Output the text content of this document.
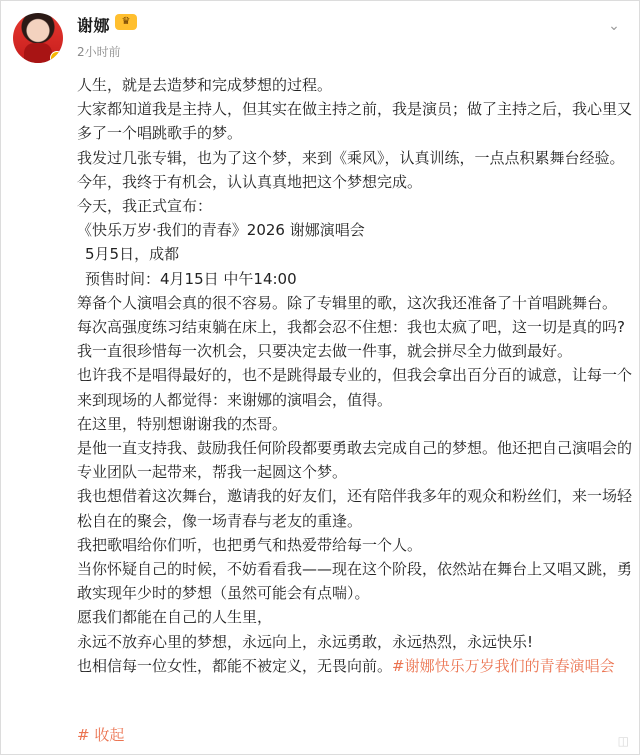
谢娜	♛
2小时前
⌄

人生，就是去造梦和完成梦想的过程。

大家都知道我是主持人，但其实在做主持之前，我是演员；做了主持之后，我心里又多了一个唱跳歌手的梦。

我发过几张专辑，也为了这个梦，来到《乘风》，认真训练，一点点积累舞台经验。

今年，我终于有机会，认认真真地把这个梦想完成。

今天，我正式宣布：

《快乐万岁·我们的青春》2026 谢娜演唱会

5月5日，成都

预售时间：4月15日 中午14:00

筹备个人演唱会真的很不容易。除了专辑里的歌，这次我还准备了十首唱跳舞台。

每次高强度练习结束躺在床上，我都会忍不住想：我也太疯了吧，这一切是真的吗?

我一直很珍惜每一次机会，只要决定去做一件事，就会拼尽全力做到最好。

也许我不是唱得最好的，也不是跳得最专业的，但我会拿出百分百的诚意，让每一个来到现场的人都觉得：来谢娜的演唱会，值得。

在这里，特别想谢谢我的杰哥。

是他一直支持我、鼓励我任何阶段都要勇敢去完成自己的梦想。他还把自己演唱会的专业团队一起带来，帮我一起圆这个梦。

我也想借着这次舞台，邀请我的好友们，还有陪伴我多年的观众和粉丝们，来一场轻松自在的聚会，像一场青春与老友的重逢。

我把歌唱给你们听，也把勇气和热爱带给每一个人。

当你怀疑自己的时候，不妨看看我——现在这个阶段，依然站在舞台上又唱又跳，勇敢实现年少时的梦想（虽然可能会有点喘）。

愿我们都能在自己的人生里，

永远不放弃心里的梦想，永远向上，永远勇敢，永远热烈，永远快乐!

也相信每一位女性，都能不被定义，无畏向前。#谢娜快乐万岁我们的青春演唱会

# 收起	◫
